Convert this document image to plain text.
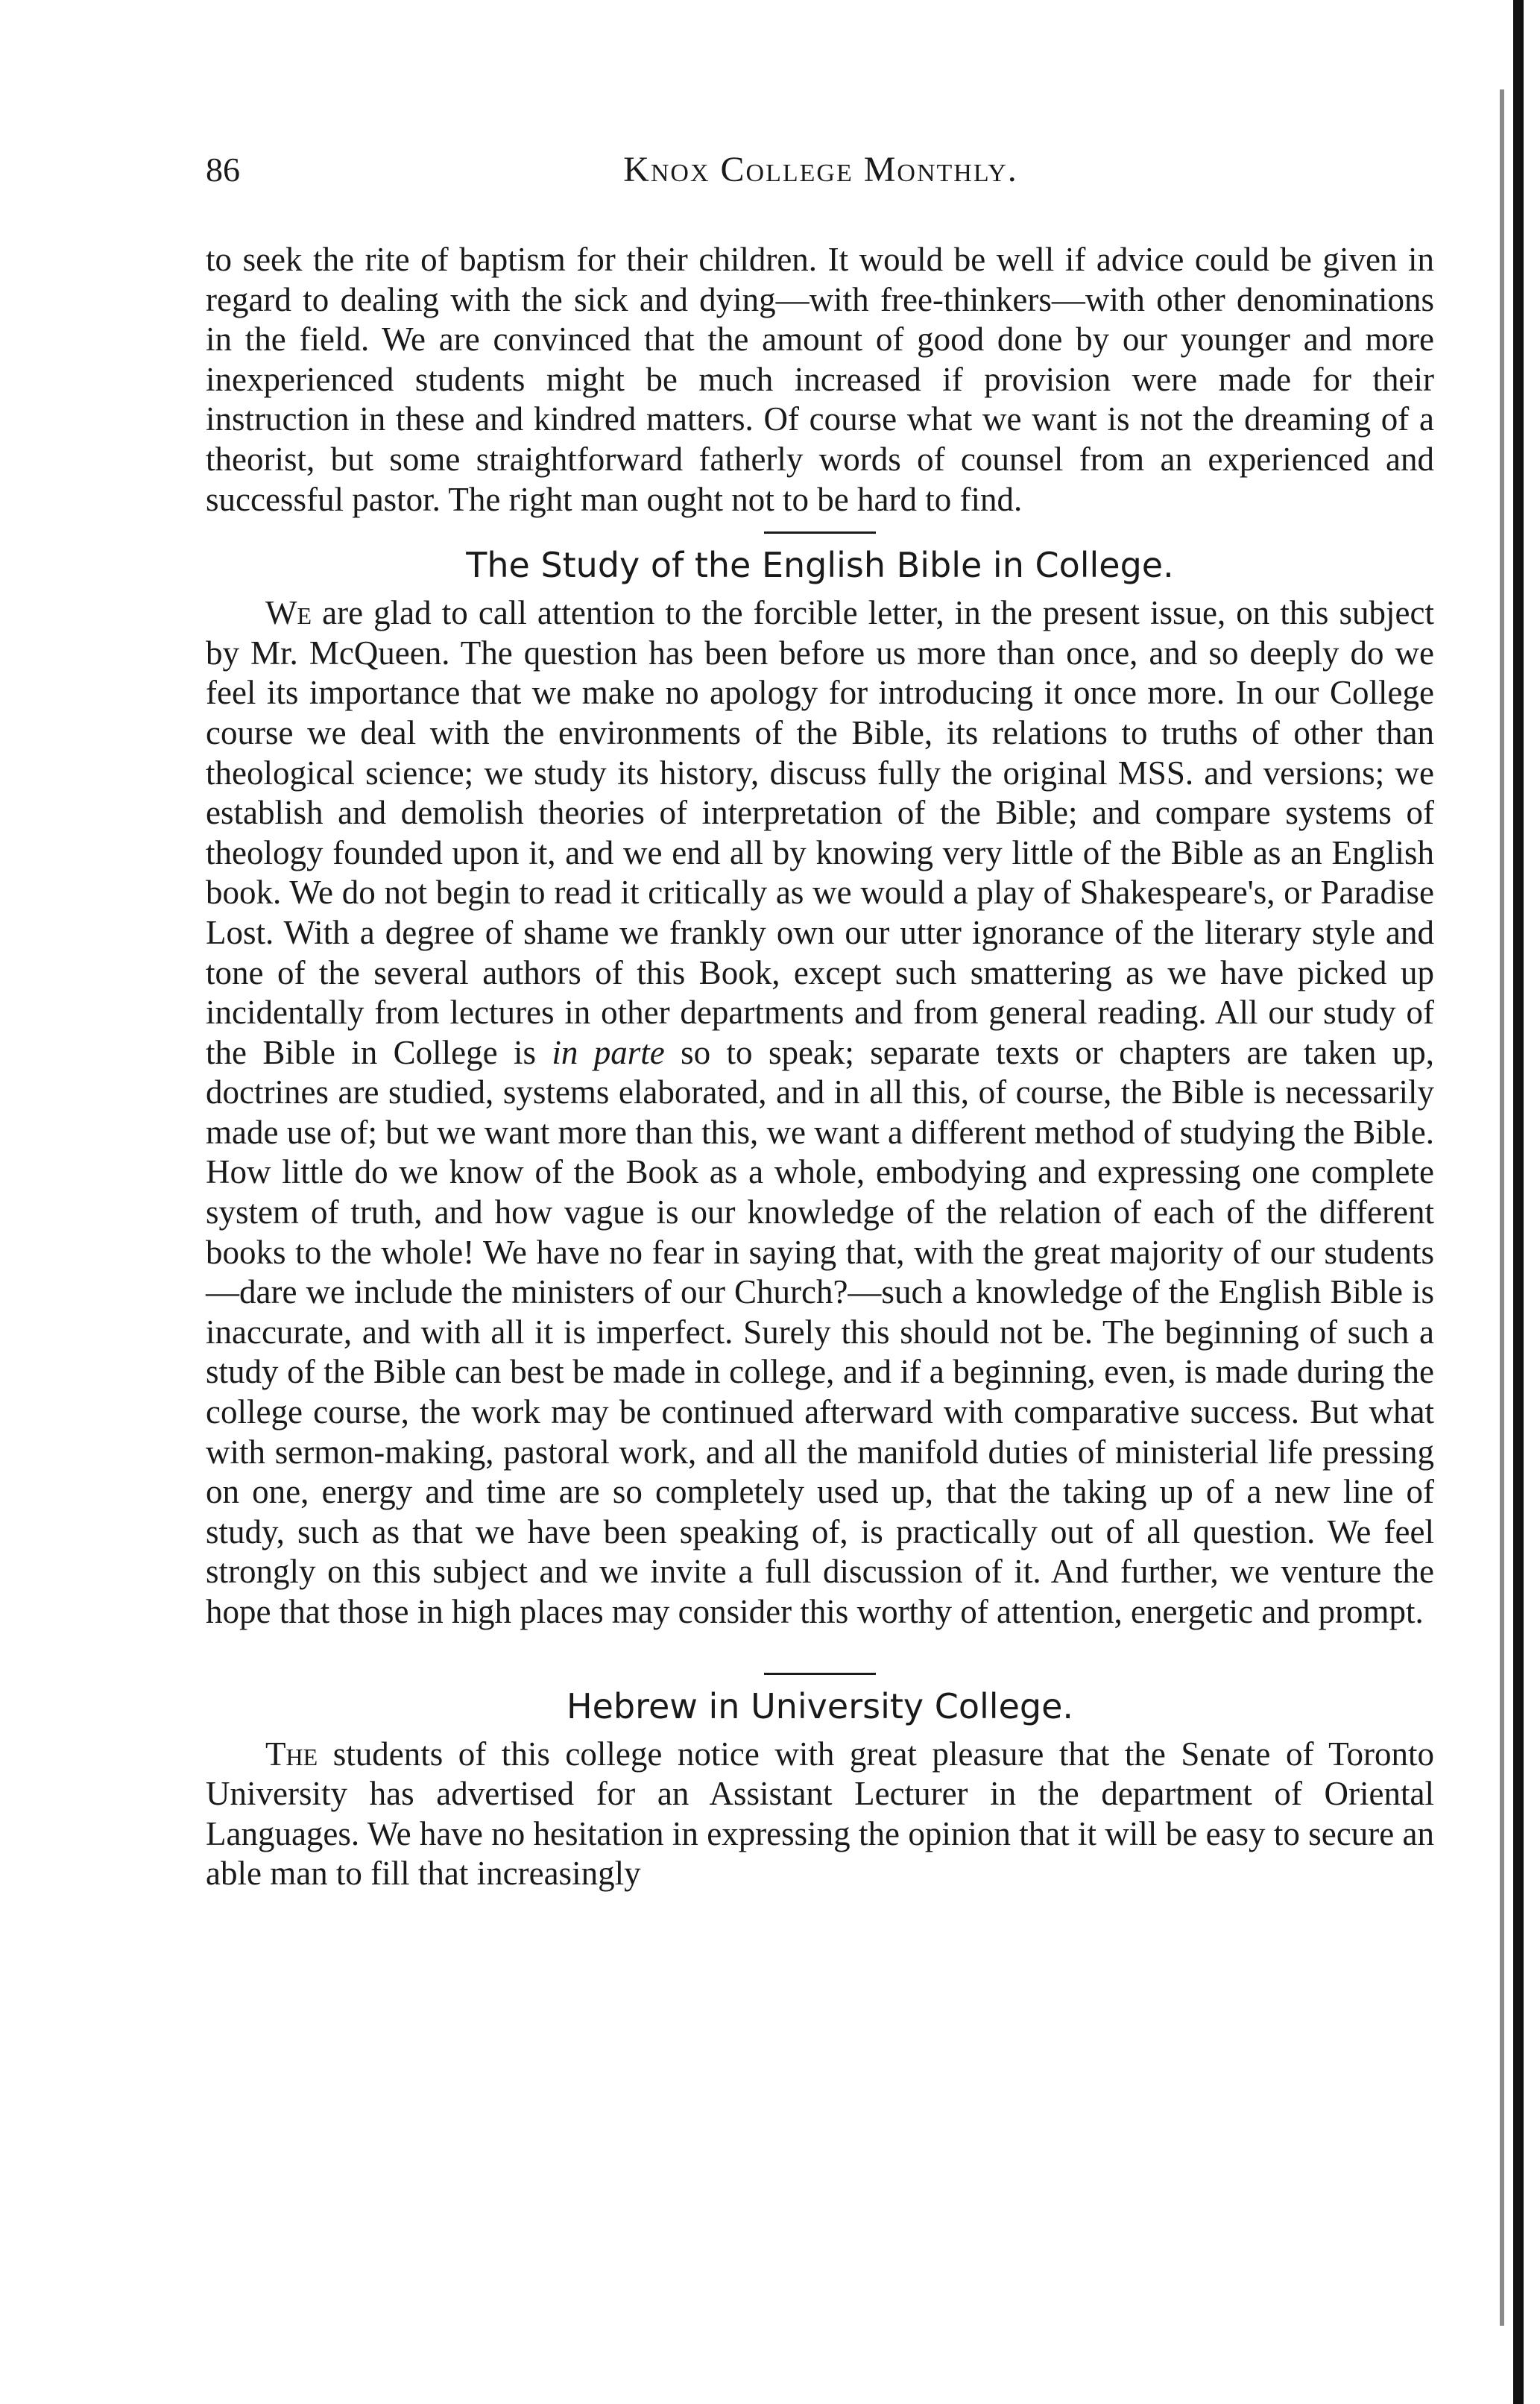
86	Knox College Monthly.

to seek the rite of baptism for their children. It would be well if advice could be given in regard to dealing with the sick and dying—with free-thinkers—with other denominations in the field. We are convinced that the amount of good done by our younger and more inexperienced students might be much increased if provision were made for their instruction in these and kindred matters. Of course what we want is not the dreaming of a theorist, but some straightforward fatherly words of counsel from an experienced and successful pastor. The right man ought not to be hard to find.

The Study of the English Bible in College.

We are glad to call attention to the forcible letter, in the present issue, on this subject by Mr. McQueen. The question has been before us more than once, and so deeply do we feel its importance that we make no apology for introducing it once more. In our College course we deal with the environments of the Bible, its relations to truths of other than theological science; we study its history, discuss fully the original MSS. and versions; we establish and demolish theories of interpretation of the Bible; and compare systems of theology founded upon it, and we end all by knowing very little of the Bible as an English book. We do not begin to read it critically as we would a play of Shakespeare's, or Paradise Lost. With a degree of shame we frankly own our utter ignorance of the literary style and tone of the several authors of this Book, except such smattering as we have picked up incidentally from lectures in other departments and from general reading. All our study of the Bible in College is in parte so to speak; separate texts or chapters are taken up, doctrines are studied, systems elaborated, and in all this, of course, the Bible is necessarily made use of; but we want more than this, we want a different method of studying the Bible. How little do we know of the Book as a whole, embodying and expressing one complete system of truth, and how vague is our knowledge of the relation of each of the different books to the whole! We have no fear in saying that, with the great majority of our students—dare we include the ministers of our Church?—such a knowledge of the English Bible is inaccurate, and with all it is imperfect. Surely this should not be. The beginning of such a study of the Bible can best be made in college, and if a beginning, even, is made during the college course, the work may be continued afterward with comparative success. But what with sermon-making, pastoral work, and all the manifold duties of ministerial life pressing on one, energy and time are so completely used up, that the taking up of a new line of study, such as that we have been speaking of, is practically out of all question. We feel strongly on this subject and we invite a full discussion of it. And further, we venture the hope that those in high places may consider this worthy of attention, energetic and prompt.

Hebrew in University College.

The students of this college notice with great pleasure that the Senate of Toronto University has advertised for an Assistant Lecturer in the department of Oriental Languages. We have no hesitation in expressing the opinion that it will be easy to secure an able man to fill that increasingly
